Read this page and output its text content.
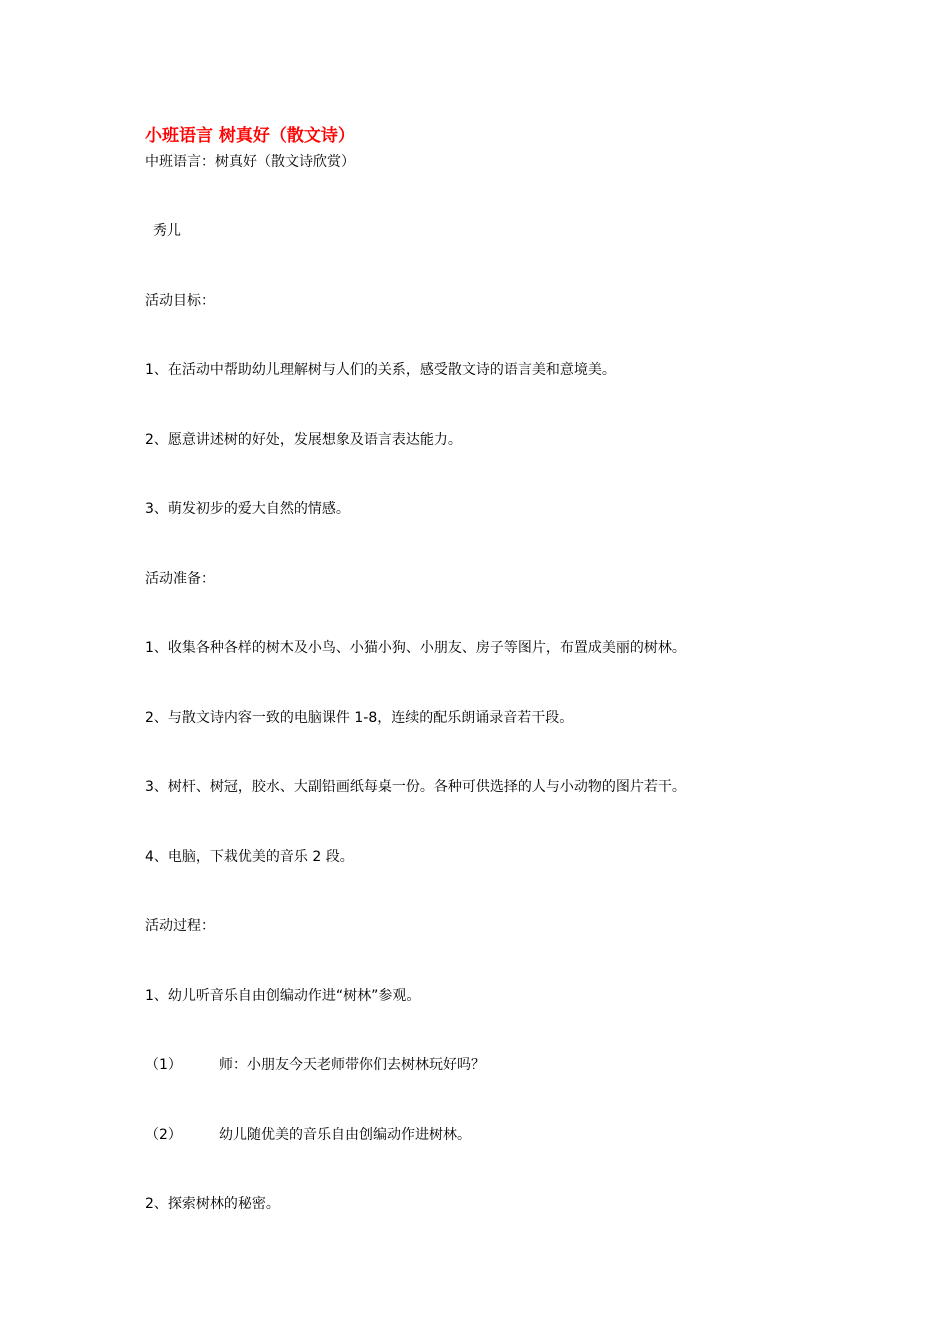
小班语言 树真好（散文诗）
中班语言：树真好（散文诗欣赏）
秀儿
活动目标：
1、在活动中帮助幼儿理解树与人们的关系，感受散文诗的语言美和意境美。
2、愿意讲述树的好处，发展想象及语言表达能力。
3、萌发初步的爱大自然的情感。
活动准备：
1、收集各种各样的树木及小鸟、小猫小狗、小朋友、房子等图片，布置成美丽的树林。
2、与散文诗内容一致的电脑课件 1-8，连续的配乐朗诵录音若干段。
3、树杆、树冠，胶水、大副铅画纸每桌一份。各种可供选择的人与小动物的图片若干。
4、电脑，下栽优美的音乐 2 段。
活动过程：
1、幼儿听音乐自由创编动作进“树林”参观。
（1）	师：小朋友今天老师带你们去树林玩好吗？
（2）	幼儿随优美的音乐自由创编动作进树林。
2、探索树林的秘密。
